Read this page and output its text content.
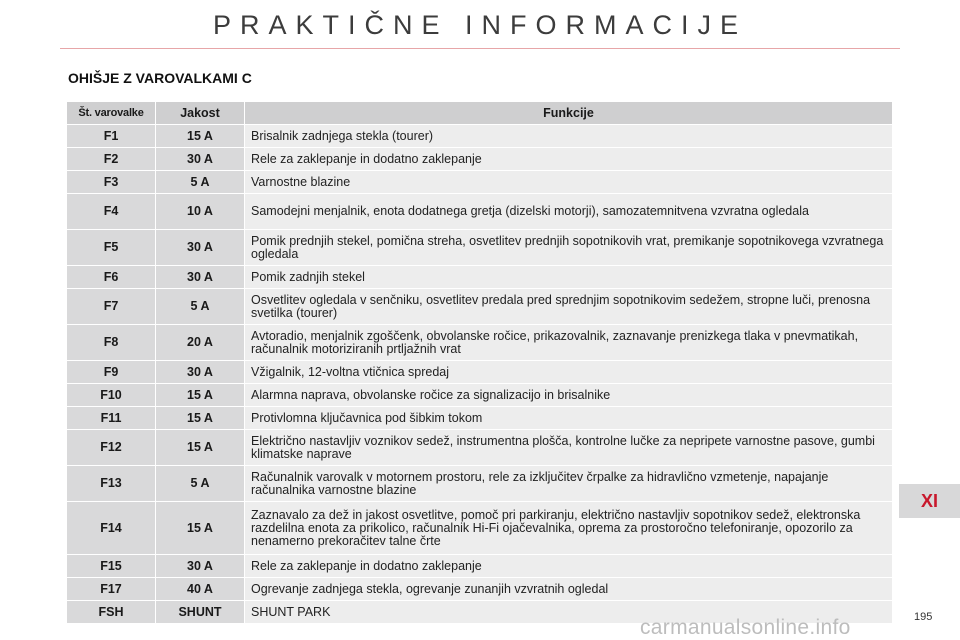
PRAKTIČNE INFORMACIJE
OHIŠJE Z VAROVALKAMI C
Št. varovalke	Jakost	Funkcije
F1	15 A	Brisalnik zadnjega stekla (tourer)
F2	30 A	Rele za zaklepanje in dodatno zaklepanje
F3	5 A	Varnostne blazine
F4	10 A	Samodejni menjalnik, enota dodatnega gretja (dizelski motorji), samozatemnitvena vzvratna ogledala
F5	30 A	Pomik prednjih stekel, pomična streha, osvetlitev prednjih sopotnikovih vrat, premikanje sopotnikovega vzvratnega ogledala
F6	30 A	Pomik zadnjih stekel
F7	5 A	Osvetlitev ogledala v senčniku, osvetlitev predala pred sprednjim sopotnikovim sedežem, stropne luči, prenosna svetilka (tourer)
F8	20 A	Avtoradio, menjalnik zgoščenk, obvolanske ročice, prikazovalnik, zaznavanje prenizkega tlaka v pnevmatikah, računalnik motoriziranih prtljažnih vrat
F9	30 A	Vžigalnik, 12-voltna vtičnica spredaj
F10	15 A	Alarmna naprava, obvolanske ročice za signalizacijo in brisalnike
F11	15 A	Protivlomna ključavnica pod šibkim tokom
F12	15 A	Električno nastavljiv voznikov sedež, instrumentna plošča, kontrolne lučke za nepripete varnostne pasove, gumbi klimatske naprave
F13	5 A	Računalnik varovalk v motornem prostoru, rele za izključitev črpalke za hidravlično vzmetenje, napajanje računalnika varnostne blazine
F14	15 A	Zaznavalo za dež in jakost osvetlitve, pomoč pri parkiranju, električno nastavljiv sopotnikov sedež, elektronska razdelilna enota za prikolico, računalnik Hi-Fi ojačevalnika, oprema za prostoročno telefoniranje, opozorilo za nenamerno prekoračitev talne črte
F15	30 A	Rele za zaklepanje in dodatno zaklepanje
F17	40 A	Ogrevanje zadnjega stekla, ogrevanje zunanjih vzvratnih ogledal
FSH	SHUNT	SHUNT PARK
XI
195
carmanualsonline.info
